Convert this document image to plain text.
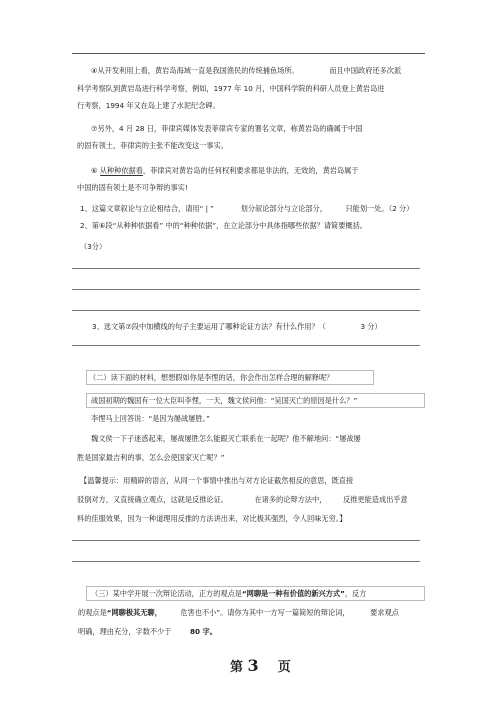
④从开发利用上看，黄岩岛海域一直是我国渔民的传统捕鱼场所。	而且中国政府还多次派
科学考察队到黄岩岛进行科学考察，例如，1977 年 10 月，中国科学院的科研人员登上黄岩岛进
行考察，1994 年又在岛上建了水泥纪念碑。
⑦另外，4 月 28 日，菲律宾媒体发表菲律宾专家的署名文章，称黄岩岛的确属于中国
的固有领土，菲律宾的主张不能改变这一事实。
⑥ 从种种依据看，菲律宾对黄岩岛的任何权利要求都是非法的，无效的，黄岩岛属于
中国的固有领土是不可争辩的事实!
1、这篇文章叙论与立论相结合，请用“ | ”	划分叙论部分与立论部分，	只能划一处。（2 分）
2、第⑥段“从种种依据看” 中的“种种依据”，在立论部分中具体指哪些依据？请简要概括。
（3分）
3、选文第⑦段中加横线的句子主要运用了哪种论证方法？有什么作用？（	3 分）
（二）读下面的材料，想想假如你是李悝的话，你会作出怎样合理的解释呢？
战国初期的魏国有一位大臣叫李悝，一天，魏文侯问他：“吴国灭亡的原因是什么？”
李悝马上回答说：“是因为屡战屡胜。”
魏文侯一下子迷惑起来，屡战屡胜怎么能跟灭亡联系在一起呢？他不解地问：“屡战屡
胜是国家最吉利的事，怎么会使国家灭亡呢？”
【温馨提示：用精辟的语言，从同一个事情中推出与对方论证截然相反的意思，既直接
驳倒对方，又直接确立观点，这就是反推论证。	在诸多的论辩方法中， 反推更能造成出乎意
料的佳服效果，因为一种道理用反推的方法讲出来，对比极其强烈，令人回味无穷。】
（三）某中学开展一次辩论活动，正方的观点是“网聊是一种有价值的新兴方式”，反方
的观点是“网聊极其无聊，	危害也不小”。请你为其中一方写一篇简短的辩论词，	要求观点
明确，理由充分，字数不少于	80 字。
第 3 页
